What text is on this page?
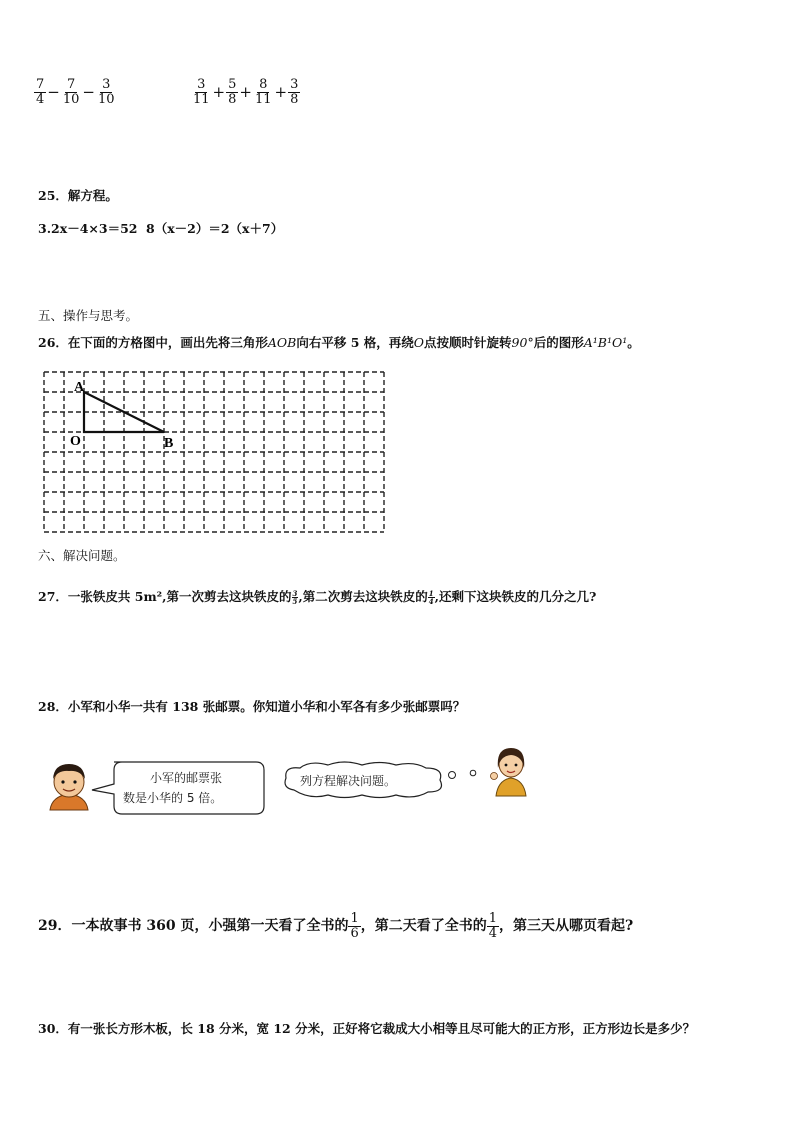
$\frac{7}{4} - \frac{7}{10} - \frac{3}{10}$	$\frac{3}{11} + \frac{5}{8} + \frac{8}{11} + \frac{3}{8}$
25．解方程。
3.2x－4×3＝52 8（x－2）＝2（x＋7）
五、操作与思考。
26．在下面的方格图中，画出先将三角形AOB向右平移 5 格，再绕O点按顺时针旋转90°后的图形A¹B¹O¹。
A
O	B
六、解决问题。
27．一张铁皮共 5m²,第一次剪去这块铁皮的 $\frac{3}{5}$ ,第二次剪去这块铁皮的 $\frac{1}{4}$ ,还剩下这块铁皮的几分之几?
28．小军和小华一共有 138 张邮票。你知道小华和小军各有多少张邮票吗？
小军的邮票张
数是小华的 5 倍。
列方程解决问题。
29．一本故事书 360 页，小强第一天看了全书的 $\frac{1}{6}$ ，第二天看了全书的 $\frac{1}{4}$ ，第三天从哪页看起?
30．有一张长方形木板，长 18 分米，宽 12 分米，正好将它裁成大小相等且尽可能大的正方形，正方形边长是多少？
